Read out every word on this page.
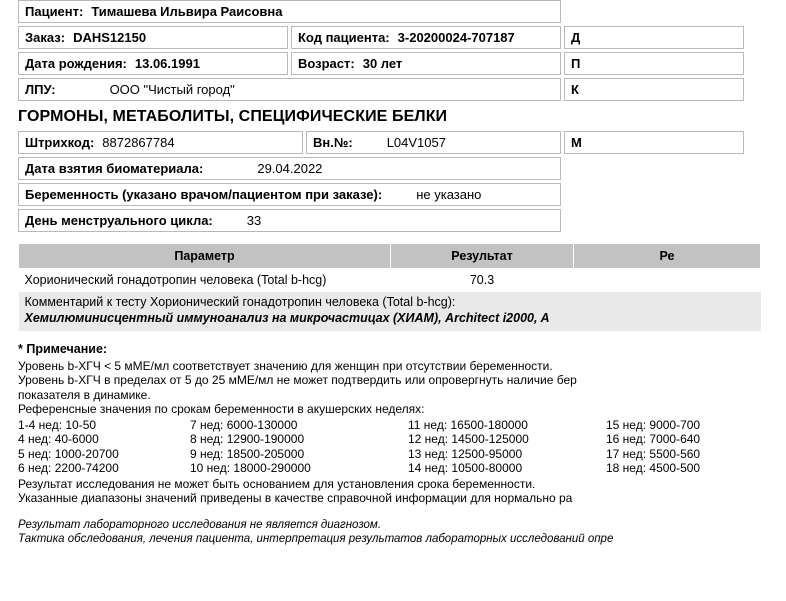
Пациент: Тимашева Ильвира Раисовна
Заказ: DAHS12150	Код пациента: 3-20200024-707187	Д
Дата рождения: 13.06.1991	Возраст: 30 лет	П
ЛПУ:	ООО "Чистый город"	К
ГОРМОНЫ, МЕТАБОЛИТЫ, СПЕЦИФИЧЕСКИЕ БЕЛКИ
Штрихкод: 8872867784	Вн.№:	L04V1057	М
Дата взятия биоматериала:	29.04.2022
Беременность (указано врачом/пациентом при заказе):	не указано
День менструального цикла:	33
Параметр	Результат	Ре
Хорионический гонадотропин человека (Total b-hcg)	70.3	

Комментарий к тесту Хорионический гонадотропин человека (Total b-hcg):
Хемилюминисцентный иммуноанализ на микрочастицах (ХИАМ), Architect i2000, A		
* Примечание:

Уровень b-ХГЧ < 5 мМЕ/мл соответствует значению для женщин при отсутствии беременности.

Уровень b-ХГЧ в пределах от 5 до 25 мМЕ/мл не может подтвердить или опровергнуть наличие бер

показателя в динамике.

Референсные значения по срокам беременности в акушерских неделях:

1-4 нед: 10-50	7 нед: 6000-130000	11 нед: 16500-180000	15 нед: 9000-700
4 нед: 40-6000	8 нед: 12900-190000	12 нед: 14500-125000	16 нед: 7000-640
5 нед: 1000-20700	9 нед: 18500-205000	13 нед: 12500-95000	17 нед: 5500-560
6 нед: 2200-74200	10 нед: 18000-290000	14 нед: 10500-80000	18 нед: 4500-500

Результат исследования не может быть основанием для установления срока беременности.

Указанные диапазоны значений приведены в качестве справочной информации для нормально ра

Результат лабораторного исследования не является диагнозом.

Тактика обследования, лечения пациента, интерпретация результатов лабораторных исследований опре
